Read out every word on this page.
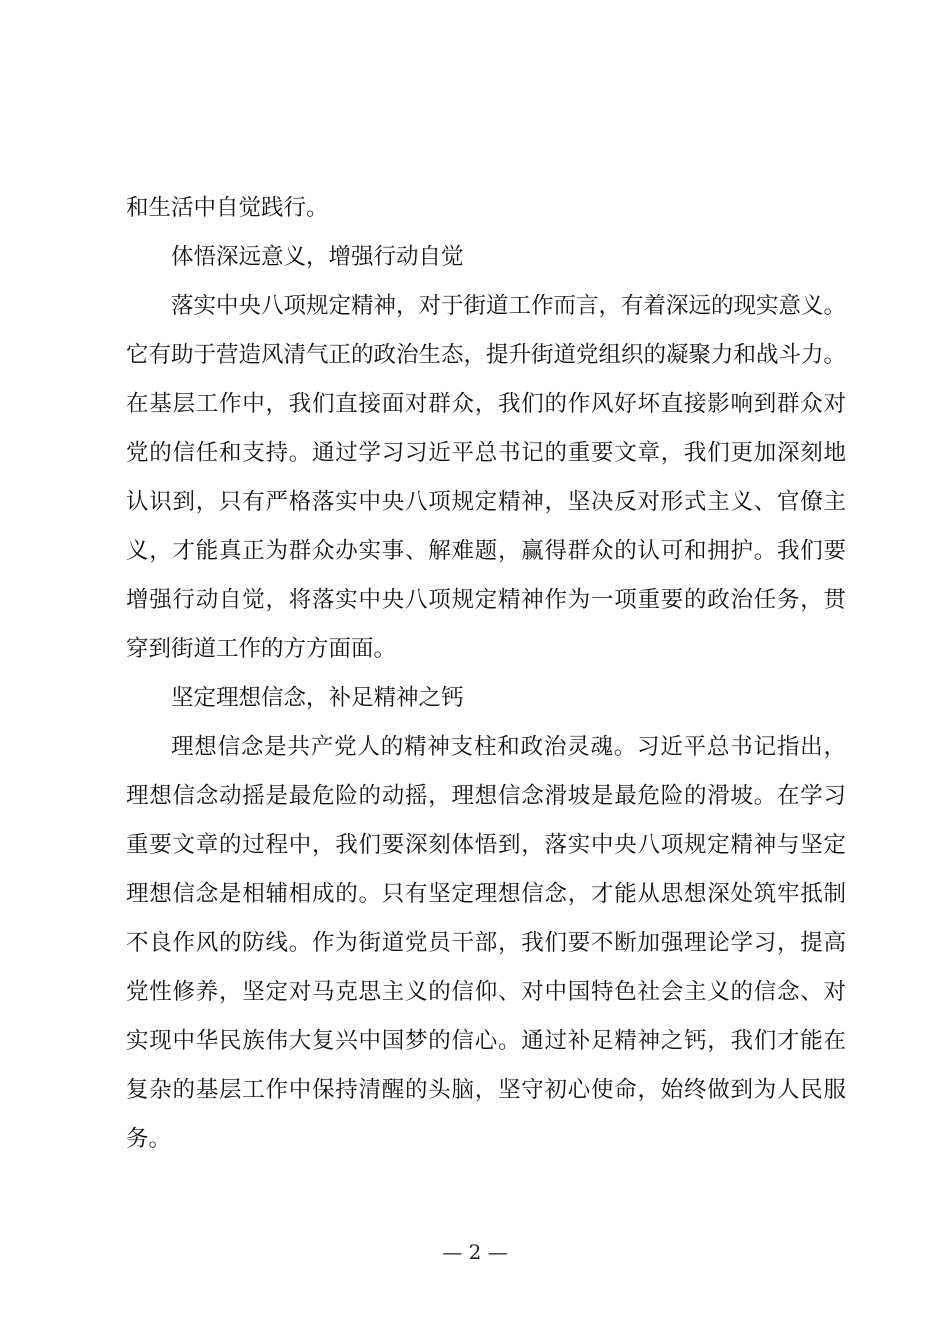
和生活中自觉践行。
体悟深远意义，增强行动自觉
落实中央八项规定精神，对于街道工作而言，有着深远的现实意义。
它有助于营造风清气正的政治生态，提升街道党组织的凝聚力和战斗力。
在基层工作中，我们直接面对群众，我们的作风好坏直接影响到群众对
党的信任和支持。通过学习习近平总书记的重要文章，我们更加深刻地
认识到，只有严格落实中央八项规定精神，坚决反对形式主义、官僚主
义，才能真正为群众办实事、解难题，赢得群众的认可和拥护。我们要
增强行动自觉，将落实中央八项规定精神作为一项重要的政治任务，贯
穿到街道工作的方方面面。
坚定理想信念，补足精神之钙
理想信念是共产党人的精神支柱和政治灵魂。习近平总书记指出，
理想信念动摇是最危险的动摇，理想信念滑坡是最危险的滑坡。在学习
重要文章的过程中，我们要深刻体悟到，落实中央八项规定精神与坚定
理想信念是相辅相成的。只有坚定理想信念，才能从思想深处筑牢抵制
不良作风的防线。作为街道党员干部，我们要不断加强理论学习，提高
党性修养，坚定对马克思主义的信仰、对中国特色社会主义的信念、对
实现中华民族伟大复兴中国梦的信心。通过补足精神之钙，我们才能在
复杂的基层工作中保持清醒的头脑，坚守初心使命，始终做到为人民服
务。
— 2 —
